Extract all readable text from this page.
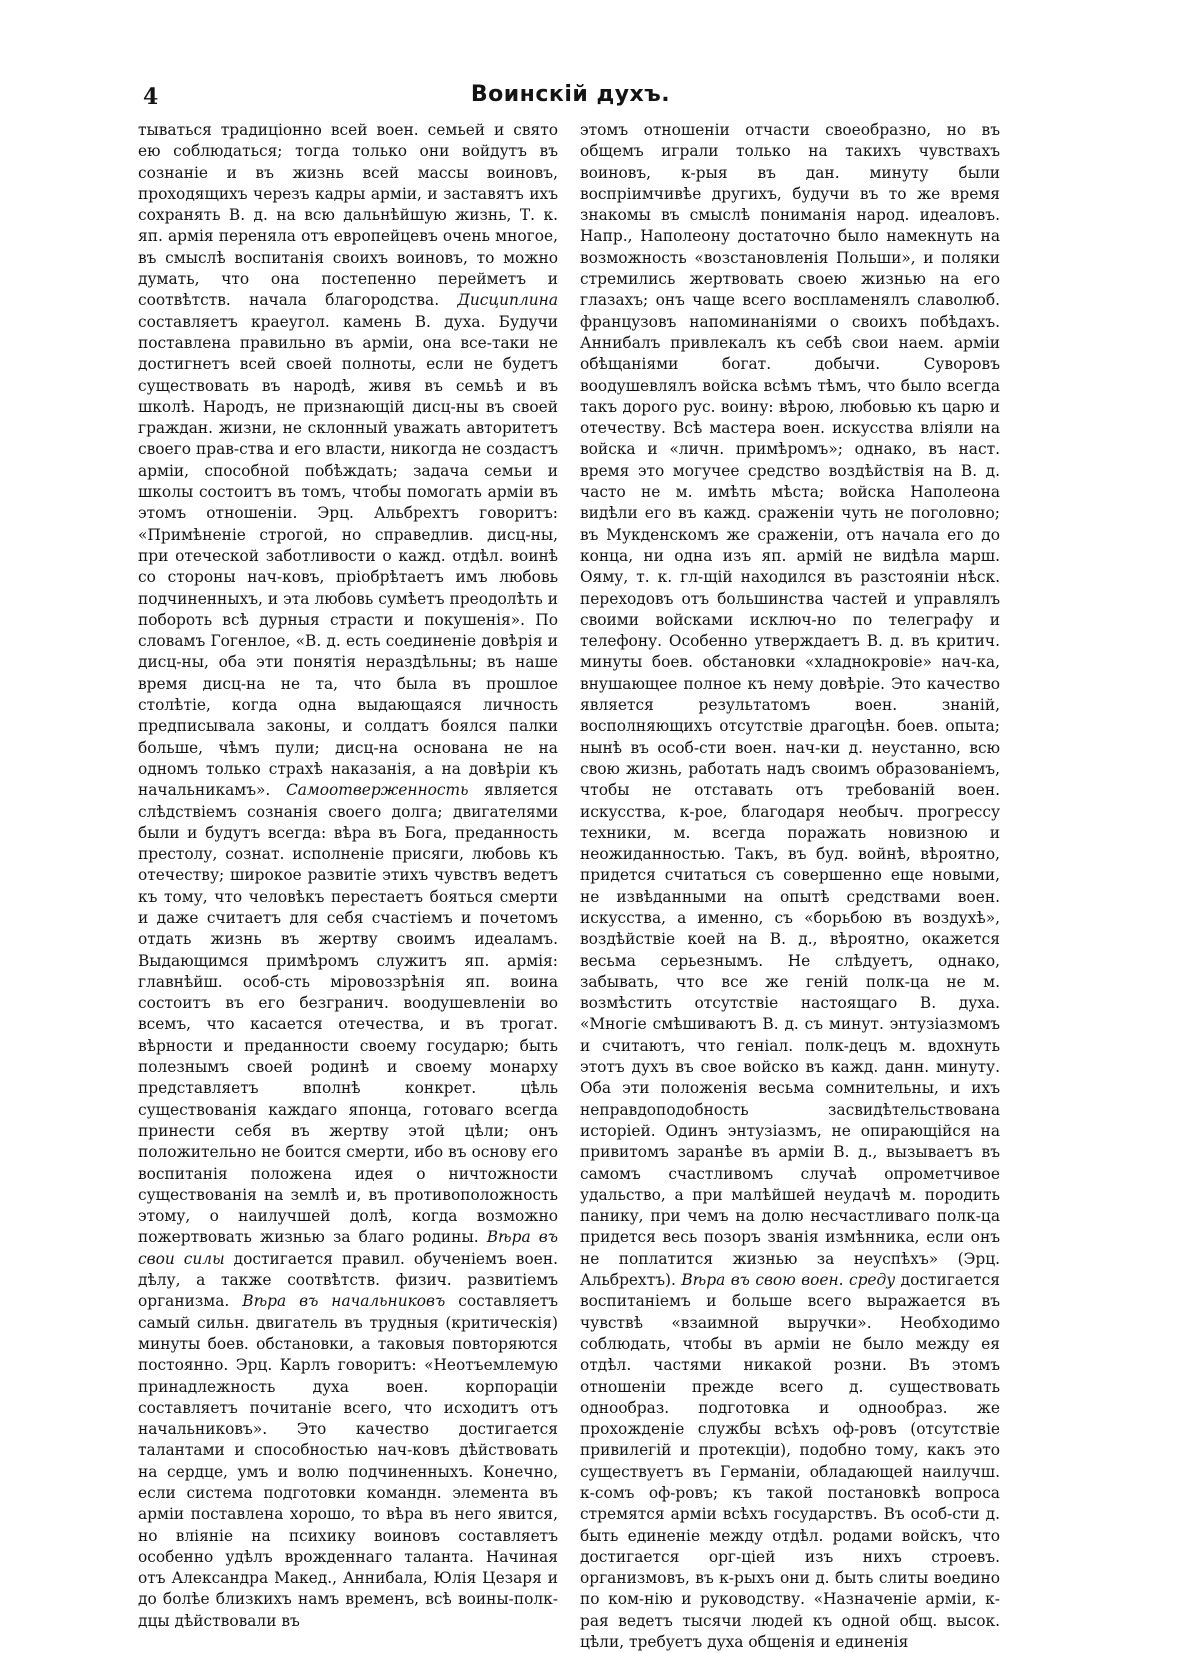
4	Воинскій духъ.

тываться традиціонно всей воен. семьей и свято ею соблюдаться; тогда только они войдутъ въ сознаніе и въ жизнь всей массы воиновъ, проходящихъ черезъ кадры арміи, и заставятъ ихъ сохранять В. д. на всю дальнѣйшую жизнь, Т. к. яп. армія переняла отъ европейцевъ очень многое, въ смыслѣ воспитанія своихъ воиновъ, то можно думать, что она постепенно перейметъ и соотвѣтств. начала благородства. Дисциплина составляетъ краеугол. камень В. духа. Будучи поставлена правильно въ арміи, она все-таки не достигнетъ всей своей полноты, если не будетъ существовать въ народѣ, живя въ семьѣ и въ школѣ. Народъ, не признающій дисц-ны въ своей граждан. жизни, не склонный уважать авторитетъ своего прав-ства и его власти, никогда не создастъ арміи, способной побѣждать; задача семьи и школы состоитъ въ томъ, чтобы помогать арміи въ этомъ отношеніи. Эрц. Альбрехтъ говоритъ: «Примѣненіе строгой, но справедлив. дисц-ны, при отеческой заботливости о кажд. отдѣл. воинѣ со стороны нач-ковъ, пріобрѣтаетъ имъ любовь подчиненныхъ, и эта любовь сумѣетъ преодолѣть и побороть всѣ дурныя страсти и покушенія». По словамъ Гогенлое, «В. д. есть соединеніе довѣрія и дисц-ны, оба эти понятія нераздѣльны; въ наше время дисц-на не та, что была въ прошлое столѣтіе, когда одна выдающаяся личность предписывала законы, и солдатъ боялся палки больше, чѣмъ пули; дисц-на основана не на одномъ только страхѣ наказанія, а на довѣріи къ начальникамъ». Самоотверженность является слѣдствіемъ сознанія своего долга; двигателями были и будутъ всегда: вѣра въ Бога, преданность престолу, сознат. исполненіе присяги, любовь къ отечеству; широкое развитіе этихъ чувствъ ведетъ къ тому, что человѣкъ перестаетъ бояться смерти и даже считаетъ для себя счастіемъ и почетомъ отдать жизнь въ жертву своимъ идеаламъ. Выдающимся примѣромъ служитъ яп. армія: главнѣйш. особ-сть міровоззрѣнія яп. воина состоитъ въ его безгранич. воодушевленіи во всемъ, что касается отечества, и въ трогат. вѣрности и преданности своему государю; быть полезнымъ своей родинѣ и своему монарху представляетъ вполнѣ конкрет. цѣль существованія каждаго японца, готоваго всегда принести себя въ жертву этой цѣли; онъ положительно не боится смерти, ибо въ основу его воспитанія положена идея о ничтожности существованія на землѣ и, въ противоположность этому, о наилучшей долѣ, когда возможно пожертвовать жизнью за благо родины. Вѣра въ свои силы достигается правил. обученіемъ воен. дѣлу, а также соотвѣтств. физич. развитіемъ организма. Вѣра въ начальниковъ составляетъ самый сильн. двигатель въ трудныя (критическія) минуты боев. обстановки, а таковыя повторяются постоянно. Эрц. Карлъ говоритъ: «Неотъемлемую принадлежность духа воен. корпораціи составляетъ почитаніе всего, что исходитъ отъ начальниковъ». Это качество достигается талантами и способностью нач-ковъ дѣйствовать на сердце, умъ и волю подчиненныхъ. Конечно, если система подготовки командн. элемента въ арміи поставлена хорошо, то вѣра въ него явится, но вліяніе на психику воиновъ составляетъ особенно удѣлъ врожденнаго таланта. Начиная отъ Александра Макед., Аннибала, Юлія Цезаря и до болѣе близкихъ намъ временъ, всѣ воины-полк-дцы дѣйствовали въ

этомъ отношеніи отчасти своеобразно, но въ общемъ играли только на такихъ чувствахъ воиновъ, к-рыя въ дан. минуту были воспріимчивѣе другихъ, будучи въ то же время знакомы въ смыслѣ пониманія народ. идеаловъ. Напр., Наполеону достаточно было намекнуть на возможность «возстановленія Польши», и поляки стремились жертвовать своею жизнью на его глазахъ; онъ чаще всего воспламенялъ славолюб. французовъ напоминаніями о своихъ побѣдахъ. Аннибалъ привлекалъ къ себѣ свои наем. арміи обѣщаніями богат. добычи. Суворовъ воодушевлялъ войска всѣмъ тѣмъ, что было всегда такъ дорого рус. воину: вѣрою, любовью къ царю и отечеству. Всѣ мастера воен. искусства вліяли на войска и «личн. примѣромъ»; однако, въ наст. время это могучее средство воздѣйствія на В. д. часто не м. имѣть мѣста; войска Наполеона видѣли его въ кажд. сраженіи чуть не поголовно; въ Мукденскомъ же сраженіи, отъ начала его до конца, ни одна изъ яп. армій не видѣла марш. Ояму, т. к. гл-щій находился въ разстояніи нѣск. переходовъ отъ большинства частей и управлялъ своими войсками исключ-но по телеграфу и телефону. Особенно утверждаетъ В. д. въ критич. минуты боев. обстановки «хладнокровіе» нач-ка, внушающее полное къ нему довѣріе. Это качество является результатомъ воен. знаній, восполняющихъ отсутствіе драгоцѣн. боев. опыта; нынѣ въ особ-сти воен. нач-ки д. неустанно, всю свою жизнь, работать надъ своимъ образованіемъ, чтобы не отставать отъ требованій воен. искусства, к-рое, благодаря необыч. прогрессу техники, м. всегда поражать новизною и неожиданностью. Такъ, въ буд. войнѣ, вѣроятно, придется считаться съ совершенно еще новыми, не извѣданными на опытѣ средствами воен. искусства, а именно, съ «борьбою въ воздухѣ», воздѣйствіе коей на В. д., вѣроятно, окажется весьма серьезнымъ. Не слѣдуетъ, однако, забывать, что все же геній полк-ца не м. возмѣстить отсутствіе настоящаго В. духа. «Многіе смѣшиваютъ В. д. съ минут. энтузіазмомъ и считаютъ, что геніал. полк-децъ м. вдохнуть этотъ духъ въ свое войско въ кажд. данн. минуту. Оба эти положенія весьма сомнительны, и ихъ неправдоподобность засвидѣтельствована исторіей. Одинъ энтузіазмъ, не опирающійся на привитомъ заранѣе въ арміи В. д., вызываетъ въ самомъ счастливомъ случаѣ опрометчивое удальство, а при малѣйшей неудачѣ м. породить панику, при чемъ на долю несчастливаго полк-ца придется весь позоръ званія измѣнника, если онъ не поплатится жизнью за неуспѣхъ» (Эрц. Альбрехтъ). Вѣра въ свою воен. среду достигается воспитаніемъ и больше всего выражается въ чувствѣ «взаимной выручки». Необходимо соблюдать, чтобы въ арміи не было между ея отдѣл. частями никакой розни. Въ этомъ отношеніи прежде всего д. существовать однообраз. подготовка и однообраз. же прохожденіе службы всѣхъ оф-ровъ (отсутствіе привилегій и протекціи), подобно тому, какъ это существуетъ въ Германіи, обладающей наилучш. к-сомъ оф-ровъ; къ такой постановкѣ вопроса стремятся арміи всѣхъ государствъ. Въ особ-сти д. быть единеніе между отдѣл. родами войскъ, что достигается орг-ціей изъ нихъ строевъ. организмовъ, въ к-рыхъ они д. быть слиты воедино по ком-нію и руководству. «Назначеніе арміи, к-рая ведетъ тысячи людей къ одной общ. высок. цѣли, требуетъ духа общенія и единенія
